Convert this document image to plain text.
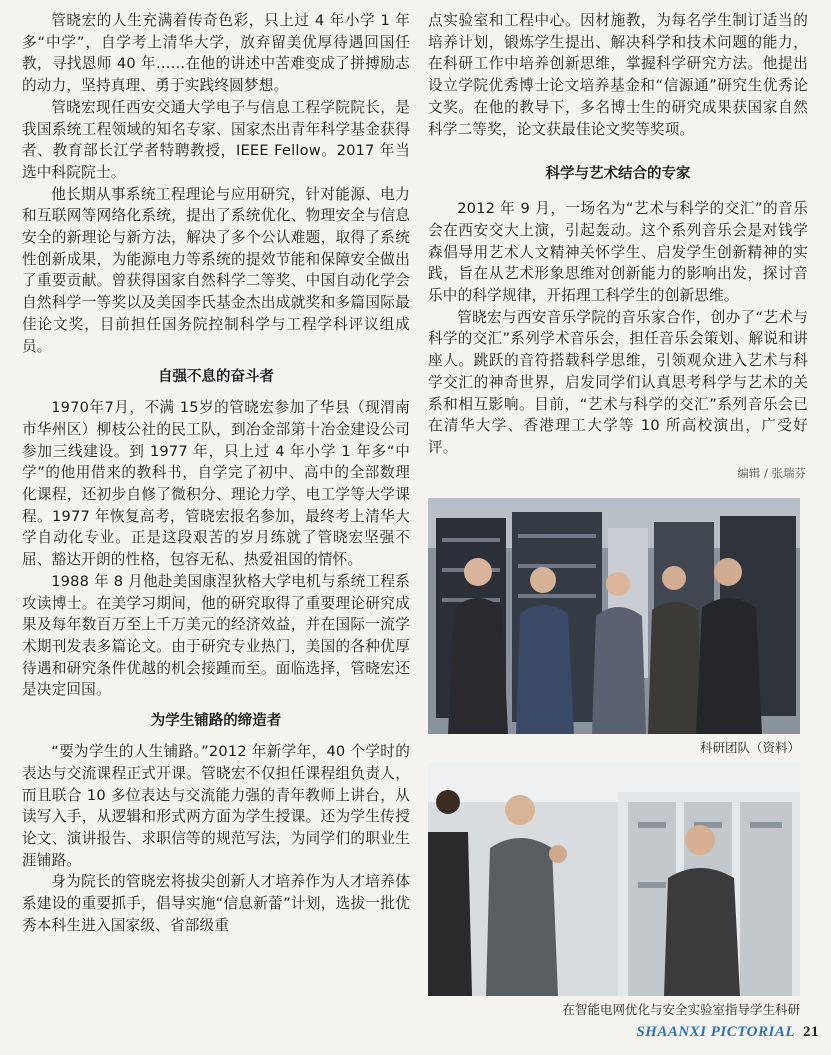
管晓宏的人生充满着传奇色彩，只上过 4 年小学 1 年多“中学”，自学考上清华大学，放弃留美优厚待遇回国任教，寻找恩师 40 年……在他的讲述中苦难变成了拼搏励志的动力，坚持真理、勇于实践终圆梦想。

管晓宏现任西安交通大学电子与信息工程学院院长，是我国系统工程领域的知名专家、国家杰出青年科学基金获得者、教育部长江学者特聘教授，IEEE Fellow。2017 年当选中科院院士。

他长期从事系统工程理论与应用研究，针对能源、电力和互联网等网络化系统，提出了系统优化、物理安全与信息安全的新理论与新方法，解决了多个公认难题，取得了系统性创新成果，为能源电力等系统的提效节能和保障安全做出了重要贡献。曾获得国家自然科学二等奖、中国自动化学会自然科学一等奖以及美国李氏基金杰出成就奖和多篇国际最佳论文奖，目前担任国务院控制科学与工程学科评议组成员。

自强不息的奋斗者

1970年7月，不满 15岁的管晓宏参加了华县（现渭南市华州区）柳枝公社的民工队，到冶金部第十冶金建设公司参加三线建设。到 1977 年，只上过 4 年小学 1 年多“中学”的他用借来的教科书，自学完了初中、高中的全部数理化课程，还初步自修了微积分、理论力学、电工学等大学课程。1977 年恢复高考，管晓宏报名参加，最终考上清华大学自动化专业。正是这段艰苦的岁月练就了管晓宏坚强不屈、豁达开朗的性格，包容无私、热爱祖国的情怀。

1988 年 8 月他赴美国康涅狄格大学电机与系统工程系攻读博士。在美学习期间，他的研究取得了重要理论研究成果及每年数百万至上千万美元的经济效益，并在国际一流学术期刊发表多篇论文。由于研究专业热门，美国的各种优厚待遇和研究条件优越的机会接踵而至。面临选择，管晓宏还是决定回国。

为学生铺路的缔造者

“要为学生的人生铺路。”2012 年新学年，40 个学时的表达与交流课程正式开课。管晓宏不仅担任课程组负责人，而且联合 10 多位表达与交流能力强的青年教师上讲台，从读写入手，从逻辑和形式两方面为学生授课。还为学生传授论文、演讲报告、求职信等的规范写法，为同学们的职业生涯铺路。

身为院长的管晓宏将拔尖创新人才培养作为人才培养体系建设的重要抓手，倡导实施“信息新蕾”计划，选拔一批优秀本科生进入国家级、省部级重

点实验室和工程中心。因材施教，为每名学生制订适当的培养计划，锻炼学生提出、解决科学和技术问题的能力，在科研工作中培养创新思维，掌握科学研究方法。他提出设立学院优秀博士论文培养基金和“信源通”研究生优秀论文奖。在他的教导下，多名博士生的研究成果获国家自然科学二等奖，论文获最佳论文奖等奖项。

科学与艺术结合的专家

2012 年 9 月，一场名为“艺术与科学的交汇”的音乐会在西安交大上演，引起轰动。这个系列音乐会是对钱学森倡导用艺术人文精神关怀学生、启发学生创新精神的实践，旨在从艺术形象思维对创新能力的影响出发，探讨音乐中的科学规律，开拓理工科学生的创新思维。

管晓宏与西安音乐学院的音乐家合作，创办了“艺术与科学的交汇”系列学术音乐会，担任音乐会策划、解说和讲座人。跳跃的音符搭载科学思维，引领观众进入艺术与科学交汇的神奇世界，启发同学们认真思考科学与艺术的关系和相互影响。目前，“艺术与科学的交汇”系列音乐会已在清华大学、香港理工大学等 10 所高校演出，广受好评。

编辑 / 张瑞芬
科研团队（资料）
在智能电网优化与安全实验室指导学生科研
SHAANXI PICTORIAL 21
